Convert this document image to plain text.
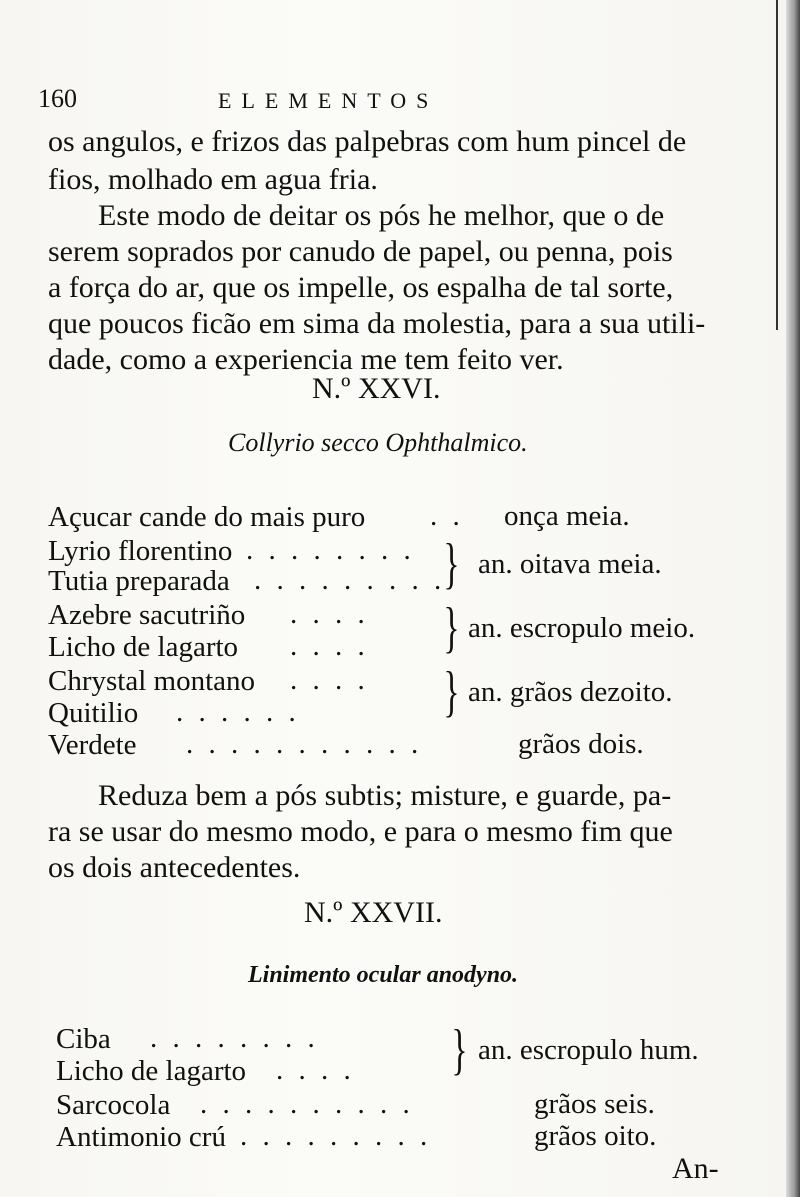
160	ELEMENTOS
os angulos, e frizos das palpebras com hum pincel de
fios, molhado em agua fria.
Este modo de deitar os pós he melhor, que o de
serem soprados por canudo de papel, ou penna, pois
a força do ar, que os impelle, os espalha de tal sorte,
que poucos ficão em sima da molestia, para a sua utili-
dade, como a experiencia me tem feito ver.
N.º XXVI.
Collyrio secco Ophthalmico.
Açucar cande do mais puro . . onça meia.
Lyrio florentino . . . . . . . .
Tutia preparada . . . . . . . . .
} an. oitava meia.
Azebre sacutriño . . . .
Licho de lagarto . . . . } an. escropulo meio.
Chrystal montano . . . .
Quitilio . . . . . .	} an. grãos dezoito.
Verdete . . . . . . . . . . .	grãos dois.
Reduza bem a pós subtis; misture, e guarde, pa-
ra se usar do mesmo modo, e para o mesmo fim que
os dois antecedentes.
N.º XXVII.
Linimento ocular anodyno.
Ciba . . . . . . . .
Licho de lagarto . . . . } an. escropulo hum.
Sarcocola . . . . . . . . . .	grãos seis.
Antimonio crú . . . . . . . . .	grãos oito.
An-
